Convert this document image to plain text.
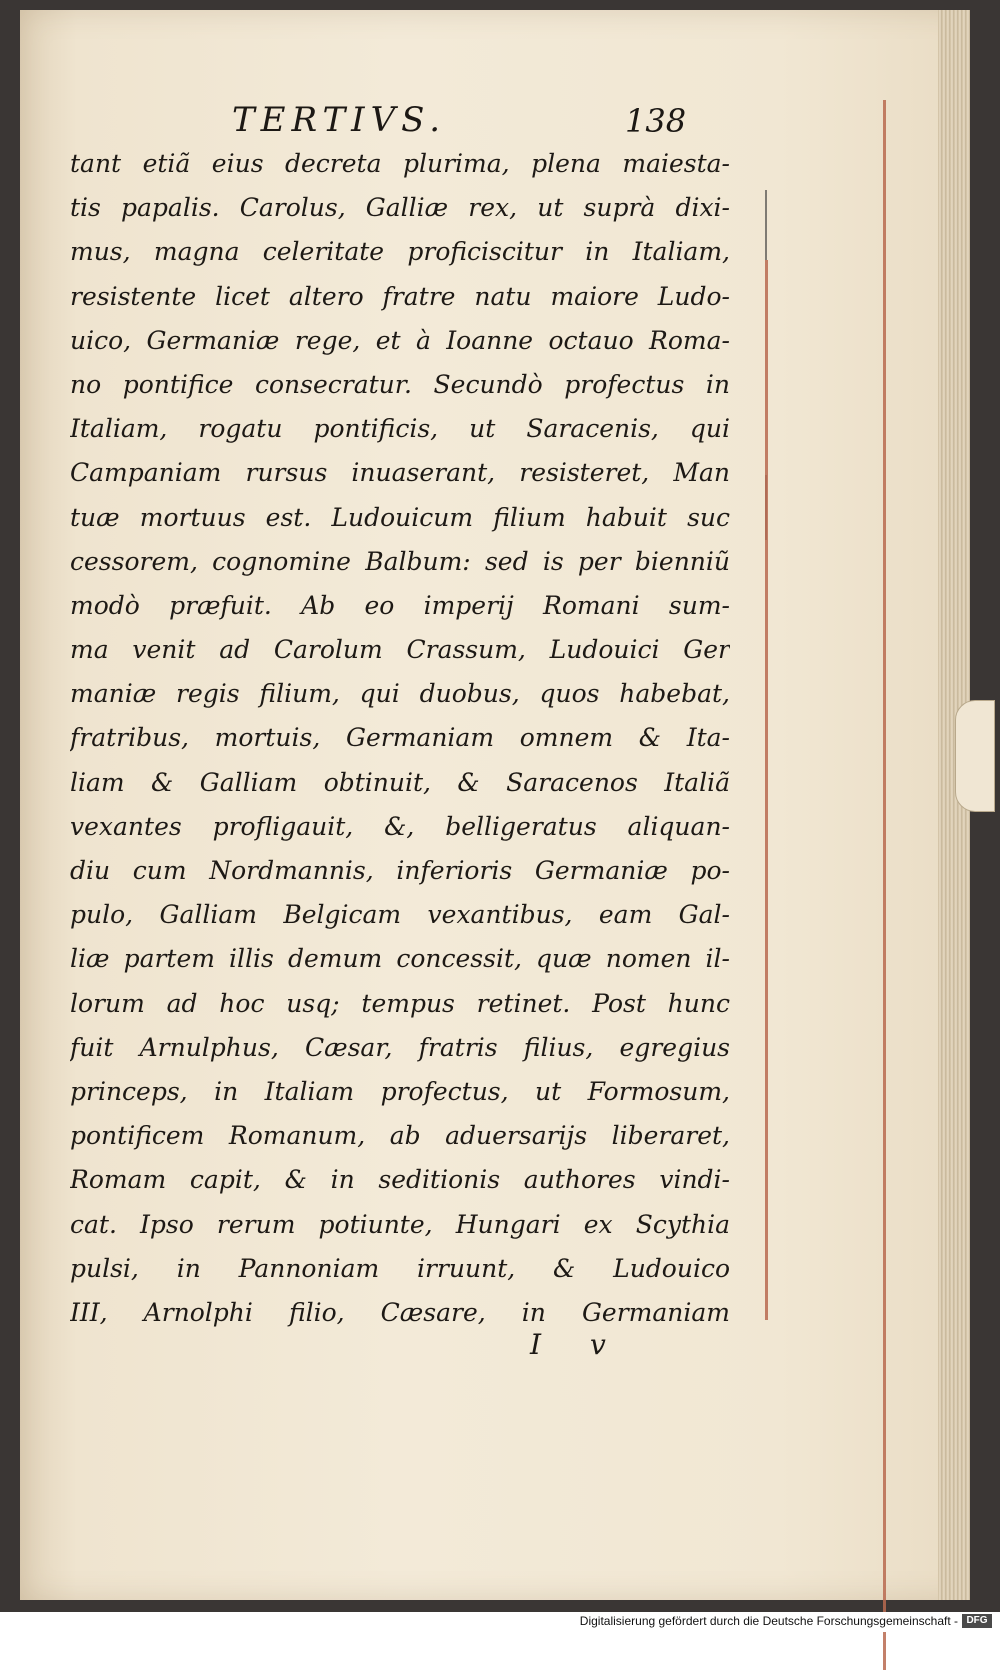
TERTIVS.	138
tant etiã eius decreta plurima, plena maiesta-
tis papalis. Carolus, Galliæ rex, ut suprà dixi-
mus, magna celeritate proficiscitur in Italiam,
resistente licet altero fratre natu maiore Ludo-
uico, Germaniæ rege, et à Ioanne octauo Roma-
no pontifice consecratur. Secundò profectus in
Italiam, rogatu pontificis, ut Saracenis, qui
Campaniam rursus inuaserant, resisteret, Man
tuæ mortuus est. Ludouicum filium habuit suc
cessorem, cognomine Balbum: sed is per bienniũ
modò præfuit. Ab eo imperij Romani sum-
ma venit ad Carolum Crassum, Ludouici Ger
maniæ regis filium, qui duobus, quos habebat,
fratribus, mortuis, Germaniam omnem & Ita-
liam & Galliam obtinuit, & Saracenos Italiã
vexantes profligauit, &, belligeratus aliquan-
diu cum Nordmannis, inferioris Germaniæ po-
pulo, Galliam Belgicam vexantibus, eam Gal-
liæ partem illis demum concessit, quæ nomen il-
lorum ad hoc usq; tempus retinet. Post hunc
fuit Arnulphus, Cæsar, fratris filius, egregius
princeps, in Italiam profectus, ut Formosum,
pontificem Romanum, ab aduersarijs liberaret,
Romam capit, & in seditionis authores vindi-
cat. Ipso rerum potiunte, Hungari ex Scythia
pulsi, in Pannoniam irruunt, & Ludouico
III, Arnolphi filio, Cæsare, in Germaniam
I v
Digitalisierung gefördert durch die Deutsche Forschungsgemeinschaft - DFG
